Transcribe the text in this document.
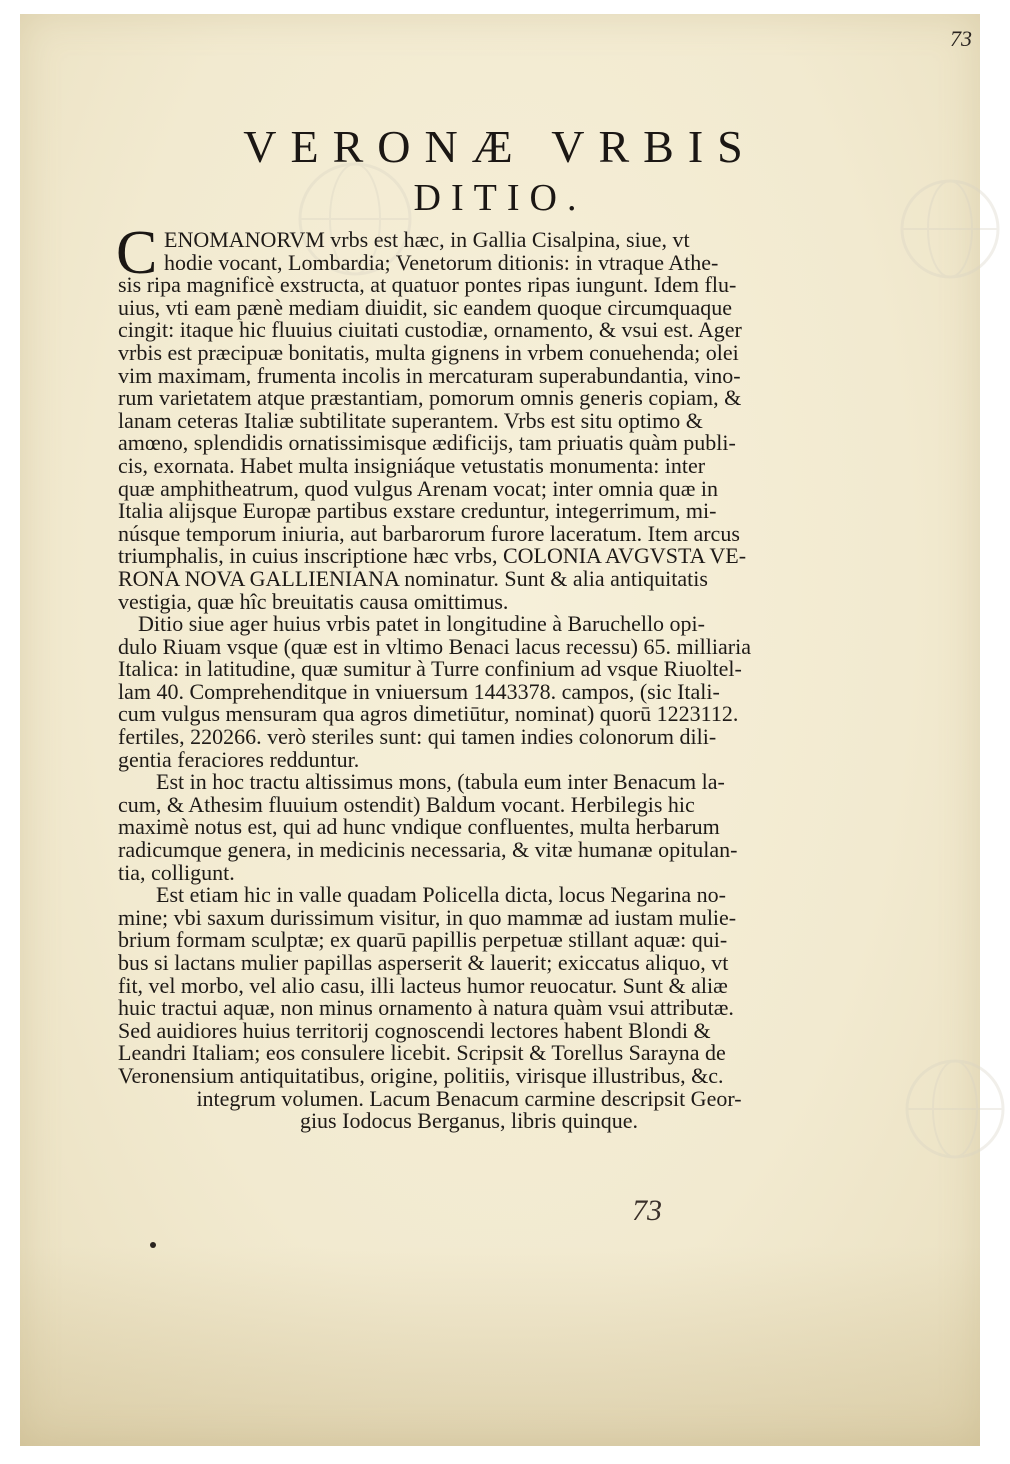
73
VERONÆ VRBIS
DITIO.

C ENOMANORVM vrbs est hæc, in Gallia Cisalpina, siue, vt
hodie vocant, Lombardia; Venetorum ditionis: in vtraque Athe-
sis ripa magnificè exstructa, at quatuor pontes ripas iungunt. Idem flu-
uius, vti eam pænè mediam diuidit, sic eandem quoque circumquaque
cingit: itaque hic fluuius ciuitati custodiæ, ornamento, & vsui est. Ager
vrbis est præcipuæ bonitatis, multa gignens in vrbem conuehenda; olei
vim maximam, frumenta incolis in mercaturam superabundantia, vino-
rum varietatem atque præstantiam, pomorum omnis generis copiam, &
lanam ceteras Italiæ subtilitate superantem. Vrbs est situ optimo &
amœno, splendidis ornatissimisque ædificijs, tam priuatis quàm publi-
cis, exornata. Habet multa insigniáque vetustatis monumenta: inter
quæ amphitheatrum, quod vulgus Arenam vocat; inter omnia quæ in
Italia alijsque Europæ partibus exstare creduntur, integerrimum, mi-
núsque temporum iniuria, aut barbarorum furore laceratum. Item arcus
triumphalis, in cuius inscriptione hæc vrbs, COLONIA AVGVSTA VE-
RONA NOVA GALLIENIANA nominatur. Sunt & alia antiquitatis
vestigia, quæ hîc breuitatis causa omittimus.

Ditio siue ager huius vrbis patet in longitudine à Baruchello opi-
dulo Riuam vsque (quæ est in vltimo Benaci lacus recessu) 65. milliaria
Italica: in latitudine, quæ sumitur à Turre confinium ad vsque Riuoltel-
lam 40. Comprehenditque in vniuersum 1443378. campos, (sic Itali-
cum vulgus mensuram qua agros dimetiūtur, nominat) quorū 1223112.
fertiles, 220266. verò steriles sunt: qui tamen indies colonorum dili-
gentia feraciores redduntur.

Est in hoc tractu altissimus mons, (tabula eum inter Benacum la-
cum, & Athesim fluuium ostendit) Baldum vocant. Herbilegis hic
maximè notus est, qui ad hunc vndique confluentes, multa herbarum
radicumque genera, in medicinis necessaria, & vitæ humanæ opitulan-
tia, colligunt.

Est etiam hic in valle quadam Policella dicta, locus Negarina no-
mine; vbi saxum durissimum visitur, in quo mammæ ad iustam mulie-
brium formam sculptæ; ex quarū papillis perpetuæ stillant aquæ: qui-
bus si lactans mulier papillas asperserit & lauerit; exiccatus aliquo, vt
fit, vel morbo, vel alio casu, illi lacteus humor reuocatur. Sunt & aliæ
huic tractui aquæ, non minus ornamento à natura quàm vsui attributæ.
Sed auidiores huius territorij cognoscendi lectores habent Blondi &
Leandri Italiam; eos consulere licebit. Scripsit & Torellus Sarayna de
Veronensium antiquitatibus, origine, politiis, virisque illustribus, &c.
integrum volumen. Lacum Benacum carmine descripsit Geor-
gius Iodocus Berganus, libris quinque.

73
